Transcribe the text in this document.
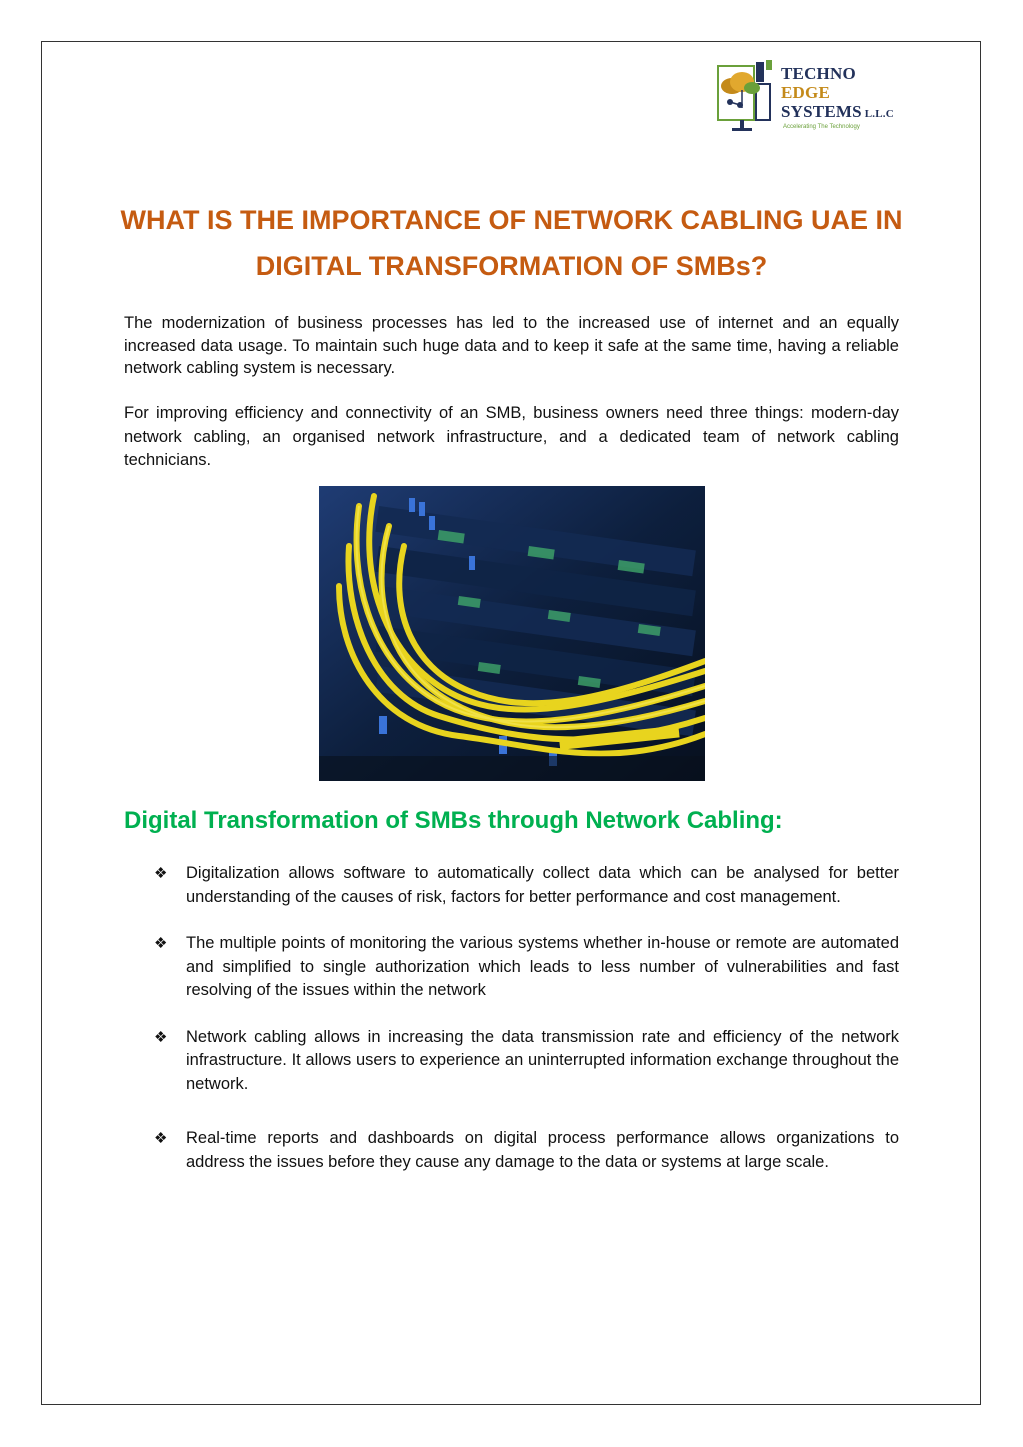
TECHNO
EDGE
SYSTEMS L.L.C
Accelerating The Technology
WHAT IS THE IMPORTANCE OF NETWORK CABLING UAE IN DIGITAL TRANSFORMATION OF SMBs?

The modernization of business processes has led to the increased use of internet and an equally increased data usage. To maintain such huge data and to keep it safe at the same time, having a reliable network cabling system is necessary.

For improving efficiency and connectivity of an SMB, business owners need three things: modern-day network cabling, an organised network infrastructure, and a dedicated team of network cabling technicians.

Digital Transformation of SMBs through Network Cabling:
❖ Digitalization allows software to automatically collect data which can be analysed for better understanding of the causes of risk, factors for better performance and cost management.
❖ The multiple points of monitoring the various systems whether in-house or remote are automated and simplified to single authorization which leads to less number of vulnerabilities and fast resolving of the issues within the network
❖ Network cabling allows in increasing the data transmission rate and efficiency of the network infrastructure. It allows users to experience an uninterrupted information exchange throughout the network.
❖ Real-time reports and dashboards on digital process performance allows organizations to address the issues before they cause any damage to the data or systems at large scale.
